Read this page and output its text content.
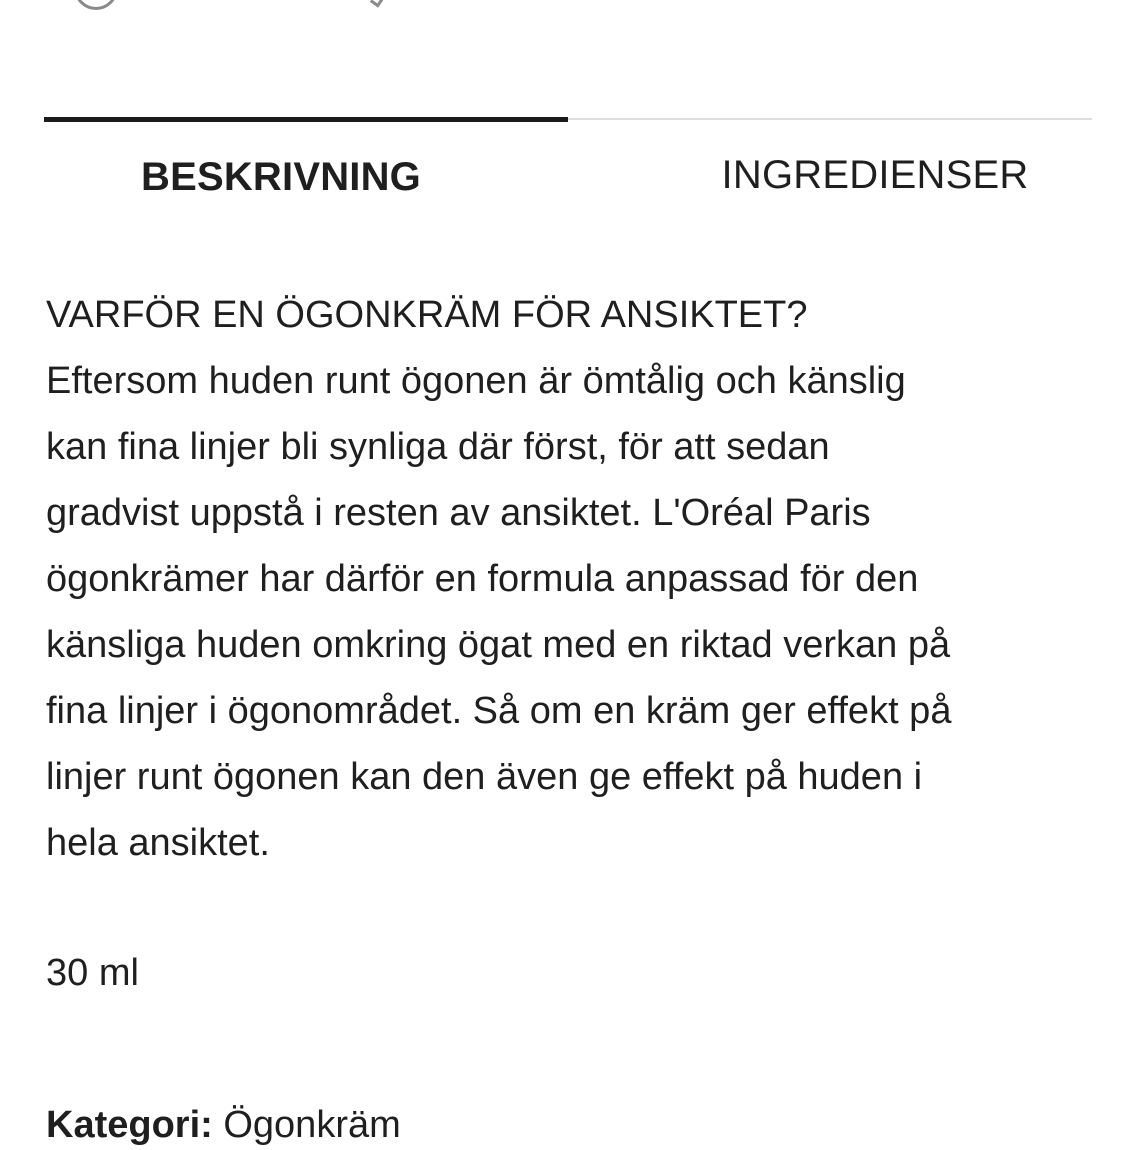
BESKRIVNING	INGREDIENSER

VARFÖR EN ÖGONKRÄM FÖR ANSIKTET?

Eftersom huden runt ögonen är ömtålig och känslig
kan fina linjer bli synliga där först, för att sedan
gradvist uppstå i resten av ansiktet. L'Oréal Paris
ögonkrämer har därför en formula anpassad för den
känsliga huden omkring ögat med en riktad verkan på
fina linjer i ögonområdet. Så om en kräm ger effekt på
linjer runt ögonen kan den även ge effekt på huden i
hela ansiktet.

30 ml
Kategori: Ögonkräm
